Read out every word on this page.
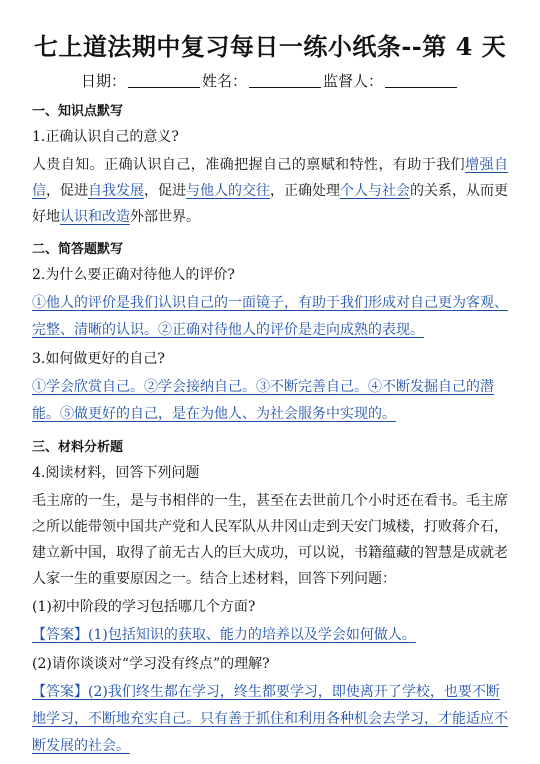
七上道法期中复习每日一练小纸条--第 4 天
日期：	姓名：	监督人：
一、知识点默写
1.正确认识自己的意义?
人贵自知。正确认识自己，准确把握自己的禀赋和特性，有助于我们增强自信，促进自我发展，促进与他人的交往，正确处理个人与社会的关系，从而更好地认识和改造外部世界。
二、简答题默写
2.为什么要正确对待他人的评价?
①他人的评价是我们认识自己的一面镜子，有助于我们形成对自己更为客观、完整、清晰的认识。②正确对待他人的评价是走向成熟的表现。
3.如何做更好的自己?
①学会欣赏自己。②学会接纳自己。③不断完善自己。④不断发掘自己的潜能。⑤做更好的自己，是在为他人、为社会服务中实现的。
三、材料分析题
4.阅读材料，回答下列问题
毛主席的一生，是与书相伴的一生，甚至在去世前几个小时还在看书。毛主席之所以能带领中国共产党和人民军队从井冈山走到天安门城楼，打败蒋介石，建立新中国，取得了前无古人的巨大成功，可以说，书籍蕴藏的智慧是成就老人家一生的重要原因之一。结合上述材料，回答下列问题：
(1)初中阶段的学习包括哪几个方面?
【答案】(1)包括知识的获取、能力的培养以及学会如何做人。
(2)请你谈谈对“学习没有终点”的理解?
【答案】(2)我们终生都在学习，终生都要学习，即使离开了学校，也要不断地学习，不断地充实自己。只有善于抓住和利用各种机会去学习，才能适应不断发展的社会。
